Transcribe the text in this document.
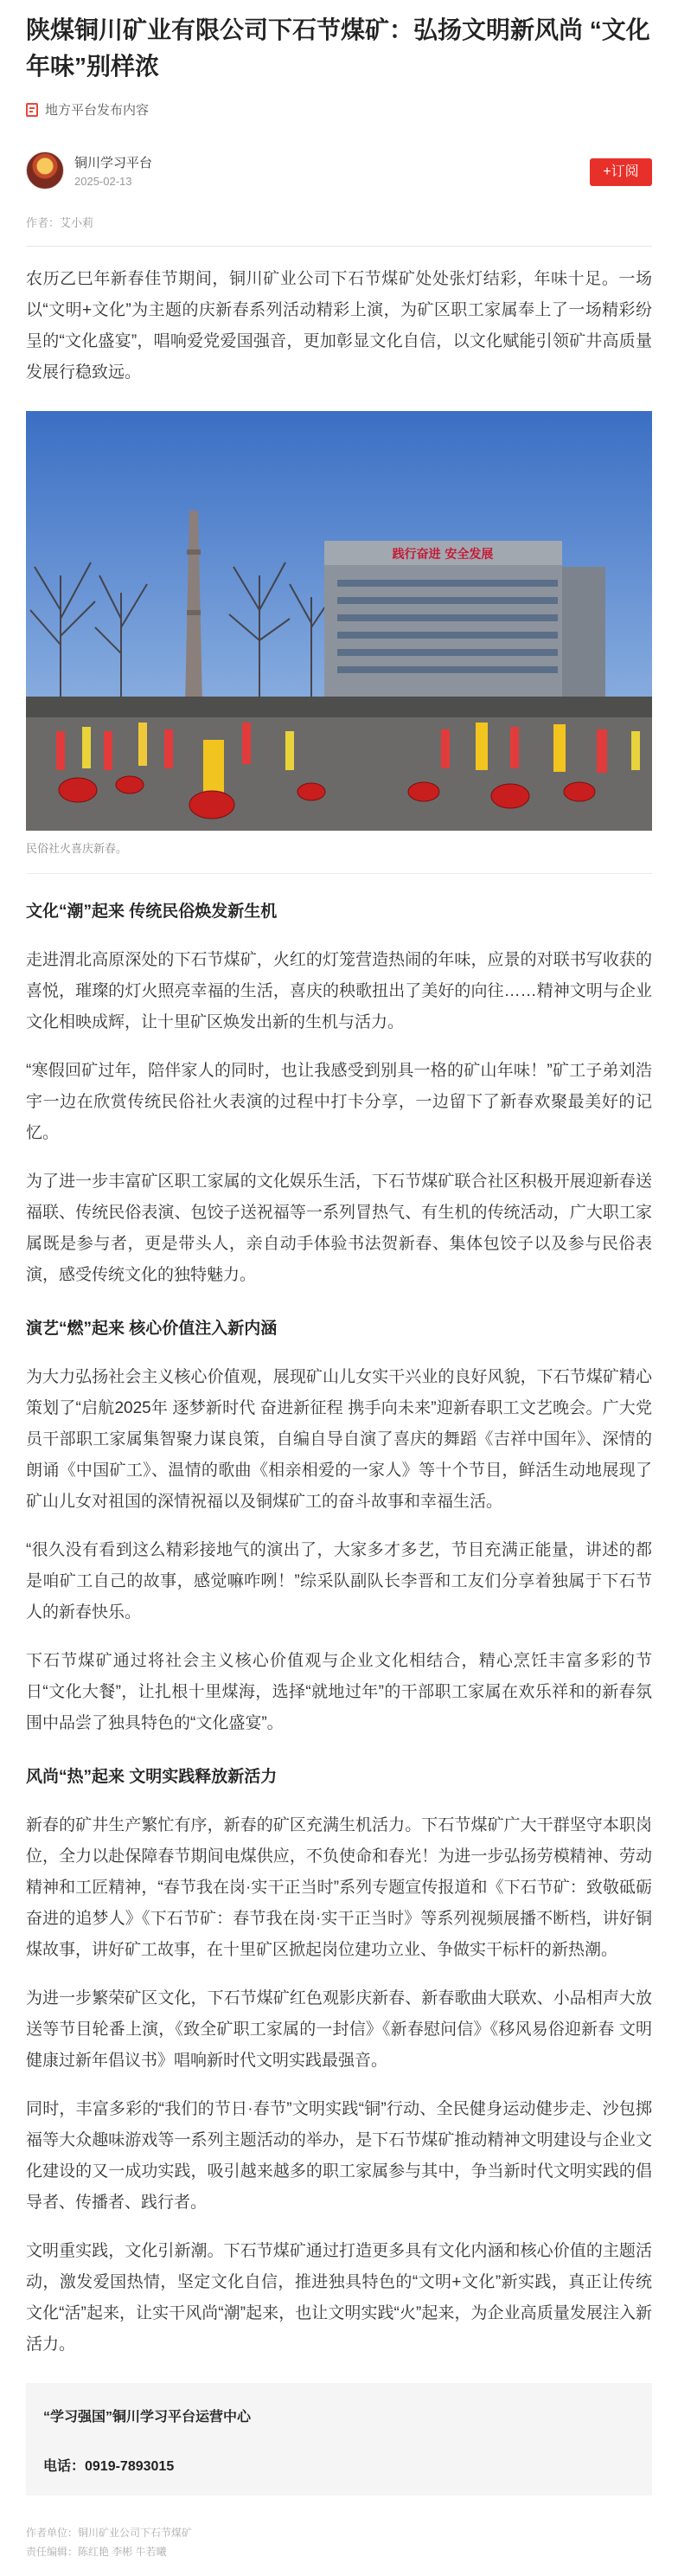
陕煤铜川矿业有限公司下石节煤矿：弘扬文明新风尚 “文化年味”别样浓
地方平台发布内容
铜川学习平台
2025-02-13
+订阅
作者：艾小莉

农历乙巳年新春佳节期间，铜川矿业公司下石节煤矿处处张灯结彩，年味十足。一场以“文明+文化”为主题的庆新春系列活动精彩上演，为矿区职工家属奉上了一场精彩纷呈的“文化盛宴”，唱响爱党爱国强音，更加彰显文化自信，以文化赋能引领矿井高质量发展行稳致远。

践行奋进 安全发展
民俗社火喜庆新春。
文化“潮”起来 传统民俗焕发新生机

走进渭北高原深处的下石节煤矿，火红的灯笼营造热闹的年味，应景的对联书写收获的喜悦，璀璨的灯火照亮幸福的生活，喜庆的秧歌扭出了美好的向往……精神文明与企业文化相映成辉，让十里矿区焕发出新的生机与活力。

“寒假回矿过年，陪伴家人的同时，也让我感受到别具一格的矿山年味！”矿工子弟刘浩宇一边在欣赏传统民俗社火表演的过程中打卡分享，一边留下了新春欢聚最美好的记忆。

为了进一步丰富矿区职工家属的文化娱乐生活，下石节煤矿联合社区积极开展迎新春送福联、传统民俗表演、包饺子送祝福等一系列冒热气、有生机的传统活动，广大职工家属既是参与者，更是带头人，亲自动手体验书法贺新春、集体包饺子以及参与民俗表演，感受传统文化的独特魅力。

演艺“燃”起来 核心价值注入新内涵

为大力弘扬社会主义核心价值观，展现矿山儿女实干兴业的良好风貌，下石节煤矿精心策划了“启航2025年 逐梦新时代 奋进新征程 携手向未来”迎新春职工文艺晚会。广大党员干部职工家属集智聚力谋良策，自编自导自演了喜庆的舞蹈《吉祥中国年》、深情的朗诵《中国矿工》、温情的歌曲《相亲相爱的一家人》等十个节目，鲜活生动地展现了矿山儿女对祖国的深情祝福以及铜煤矿工的奋斗故事和幸福生活。

“很久没有看到这么精彩接地气的演出了，大家多才多艺，节目充满正能量，讲述的都是咱矿工自己的故事，感觉嘛咋咧！”综采队副队长李晋和工友们分享着独属于下石节人的新春快乐。

下石节煤矿通过将社会主义核心价值观与企业文化相结合，精心烹饪丰富多彩的节日“文化大餐”，让扎根十里煤海，选择“就地过年”的干部职工家属在欢乐祥和的新春氛围中品尝了独具特色的“文化盛宴”。

风尚“热”起来 文明实践释放新活力

新春的矿井生产繁忙有序，新春的矿区充满生机活力。下石节煤矿广大干群坚守本职岗位，全力以赴保障春节期间电煤供应，不负使命和春光！为进一步弘扬劳模精神、劳动精神和工匠精神，“春节我在岗·实干正当时”系列专题宣传报道和《下石节矿：致敬砥砺奋进的追梦人》《下石节矿：春节我在岗·实干正当时》等系列视频展播不断档，讲好铜煤故事，讲好矿工故事，在十里矿区掀起岗位建功立业、争做实干标杆的新热潮。

为进一步繁荣矿区文化，下石节煤矿红色观影庆新春、新春歌曲大联欢、小品相声大放送等节目轮番上演，《致全矿职工家属的一封信》《新春慰问信》《移风易俗迎新春 文明健康过新年倡议书》唱响新时代文明实践最强音。

同时，丰富多彩的“我们的节日·春节”文明实践“铜”行动、全民健身运动健步走、沙包掷福等大众趣味游戏等一系列主题活动的举办，是下石节煤矿推动精神文明建设与企业文化建设的又一成功实践，吸引越来越多的职工家属参与其中，争当新时代文明实践的倡导者、传播者、践行者。

文明重实践，文化引新潮。下石节煤矿通过打造更多具有文化内涵和核心价值的主题活动，激发爱国热情，坚定文化自信，推进独具特色的“文明+文化”新实践，真正让传统文化“活”起来，让实干风尚“潮”起来，也让文明实践“火”起来，为企业高质量发展注入新活力。

“学习强国”铜川学习平台运营中心
电话：0919-7893015
作者单位：铜川矿业公司下石节煤矿
责任编辑：陈红艳 李彬 牛若曦
